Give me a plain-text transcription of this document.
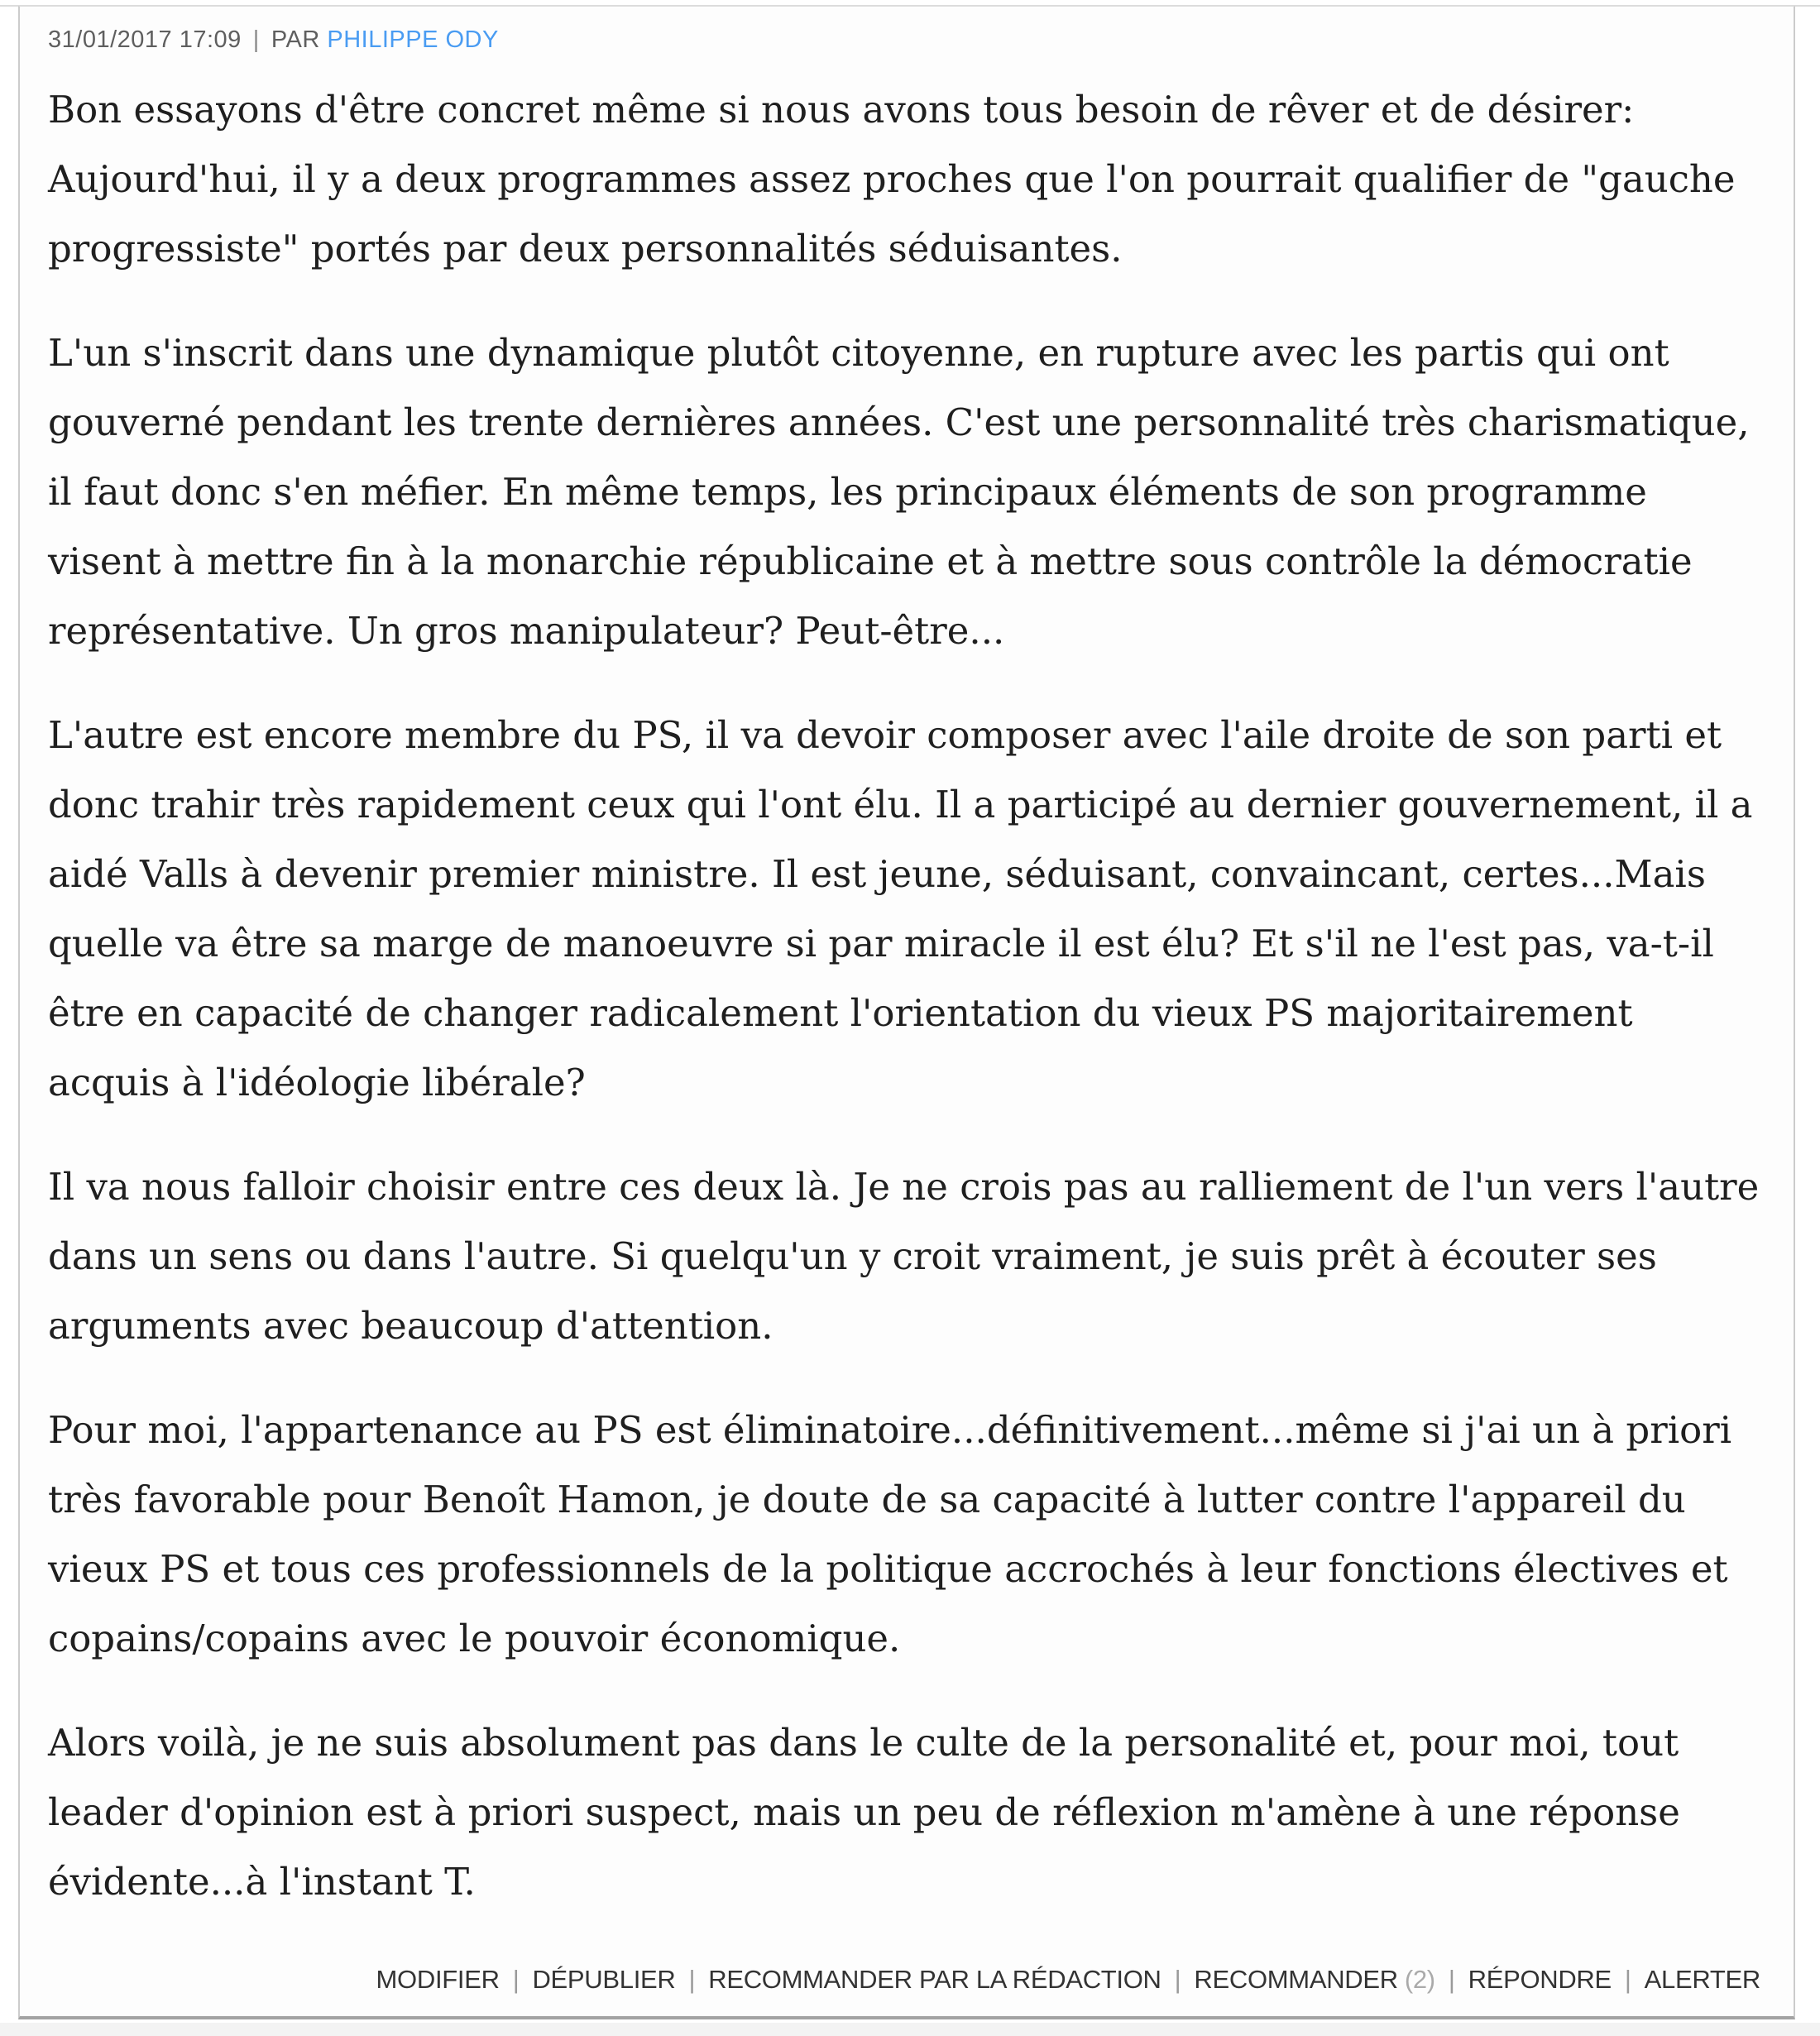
31/01/2017 17:09 | PAR PHILIPPE ODY

Bon essayons d'être concret même si nous avons tous besoin de rêver et de désirer: Aujourd'hui, il y a deux programmes assez proches que l'on pourrait qualifier de "gauche progressiste" portés par deux personnalités séduisantes.

L'un s'inscrit dans une dynamique plutôt citoyenne, en rupture avec les partis qui ont gouverné pendant les trente dernières années. C'est une personnalité très charismatique, il faut donc s'en méfier. En même temps, les principaux éléments de son programme visent à mettre fin à la monarchie républicaine et à mettre sous contrôle la démocratie représentative. Un gros manipulateur? Peut-être...

L'autre est encore membre du PS, il va devoir composer avec l'aile droite de son parti et donc trahir très rapidement ceux qui l'ont élu. Il a participé au dernier gouvernement, il a aidé Valls à devenir premier ministre. Il est jeune, séduisant, convaincant, certes...Mais quelle va être sa marge de manoeuvre si par miracle il est élu? Et s'il ne l'est pas, va-t-il être en capacité de changer radicalement l'orientation du vieux PS majoritairement acquis à l'idéologie libérale?

Il va nous falloir choisir entre ces deux là. Je ne crois pas au ralliement de l'un vers l'autre dans un sens ou dans l'autre. Si quelqu'un y croit vraiment, je suis prêt à écouter ses arguments avec beaucoup d'attention.

Pour moi, l'appartenance au PS est éliminatoire...définitivement...même si j'ai un à priori très favorable pour Benoît Hamon, je doute de sa capacité à lutter contre l'appareil du vieux PS et tous ces professionnels de la politique accrochés à leur fonctions électives et copains/copains avec le pouvoir économique.

Alors voilà, je ne suis absolument pas dans le culte de la personalité et, pour moi, tout leader d'opinion est à priori suspect, mais un peu de réflexion m'amène à une réponse évidente...à l'instant T.

MODIFIER | DÉPUBLIER | RECOMMANDER PAR LA RÉDACTION | RECOMMANDER (2) | RÉPONDRE | ALERTER
